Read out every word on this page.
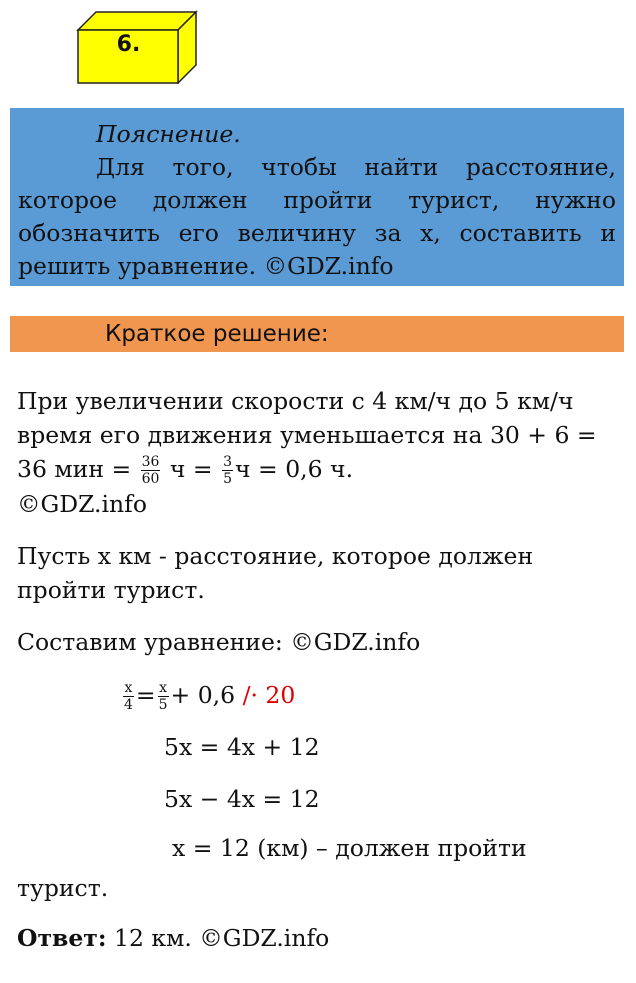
6.
Пояснение.
Для того, чтобы найти расстояние, которое должен пройти турист, нужно обозначить его величину за х, составить и решить уравнение. ©GDZ.info
Краткое решение:

При увеличении скорости с 4 км/ч до 5 км/ч время его движения уменьшается на 30 + 6 = 36 мин = $\frac{36}{60}$ $ч = \frac{3}{5}$ ч = 0,6 ч.
©GDZ.info

Пусть х км - расстояние, которое должен пройти турист.

Составим уравнение: ©GDZ.info

$\frac{x}{4} = \frac{x}{5} + 0,6 /\cdot 20$
5x = 4x + 12
5x − 4x = 12
x = 12 (км) – должен пройти

турист.

Ответ: 12 км. ©GDZ.info
